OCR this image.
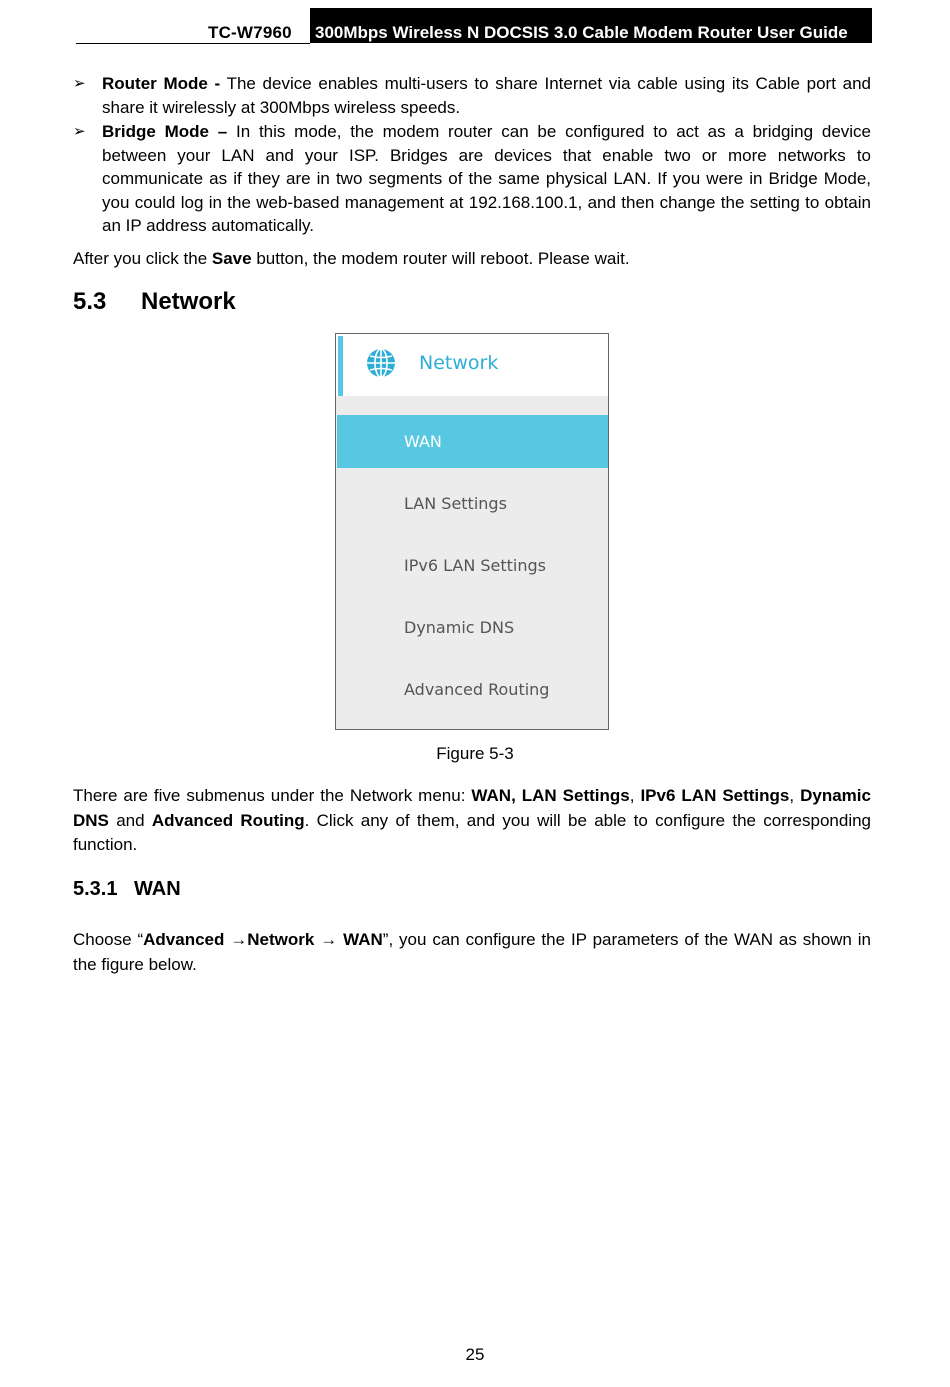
TC-W7960 300Mbps Wireless N DOCSIS 3.0 Cable Modem Router User Guide
➢ Router Mode - The device enables multi-users to share Internet via cable using its Cable port and share it wirelessly at 300Mbps wireless speeds.
➢ Bridge Mode – In this mode, the modem router can be configured to act as a bridging device between your LAN and your ISP. Bridges are devices that enable two or more networks to communicate as if they are in two segments of the same physical LAN. If you were in Bridge Mode, you could log in the web-based management at 192.168.100.1, and then change the setting to obtain an IP address automatically.

After you click the Save button, the modem router will reboot. Please wait.

5.3 Network
Network
WAN
LAN Settings
IPv6 LAN Settings
Dynamic DNS
Advanced Routing
Figure 5-3

There are five submenus under the Network menu: WAN, LAN Settings, IPv6 LAN Settings, Dynamic DNS and Advanced Routing. Click any of them, and you will be able to configure the corresponding function.

5.3.1 WAN

Choose “Advanced →Network → WAN”, you can configure the IP parameters of the WAN as shown in the figure below.

25
